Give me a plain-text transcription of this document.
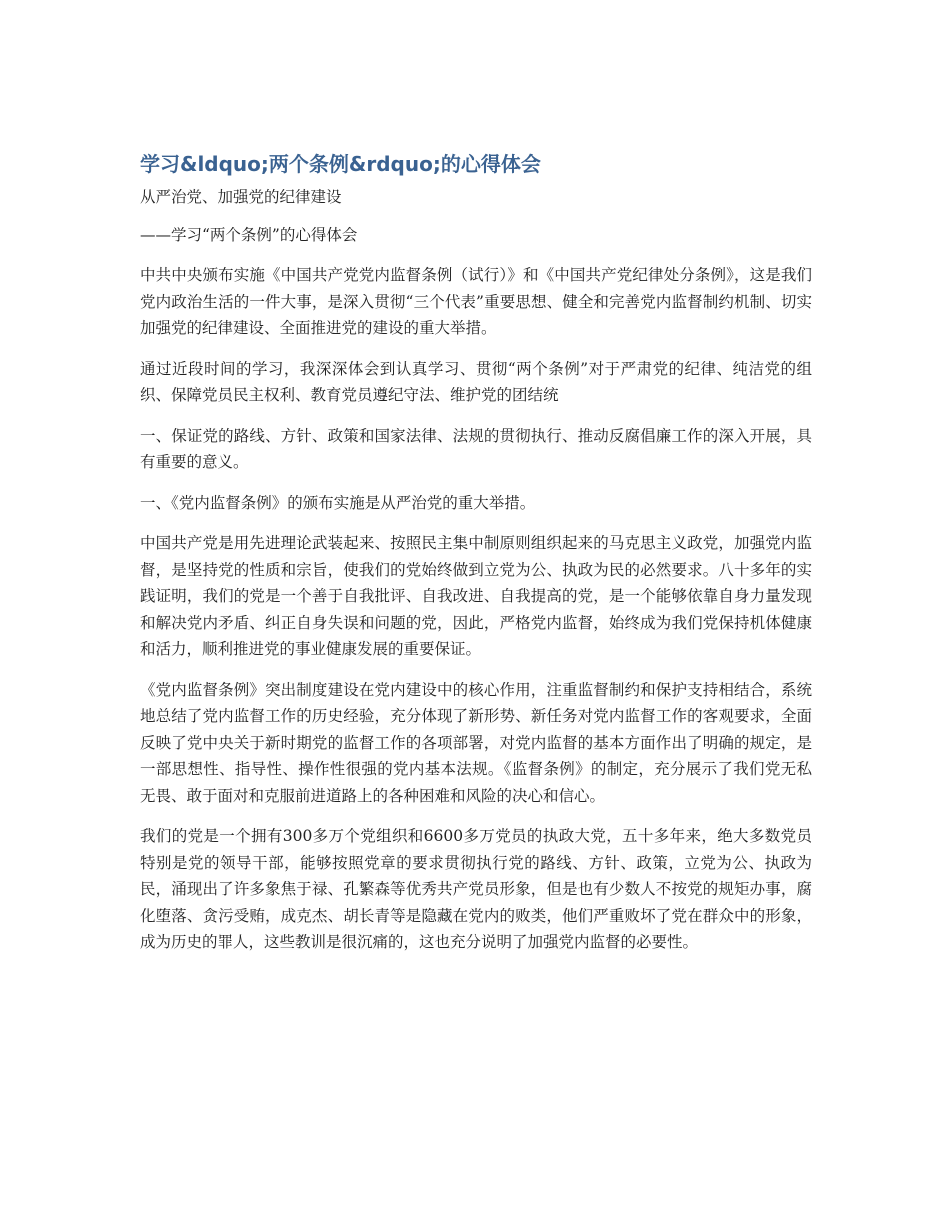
学习&ldquo;两个条例&rdquo;的心得体会

从严治党、加强党的纪律建设

——学习“两个条例”的心得体会

中共中央颁布实施《中国共产党党内监督条例（试行）》和《中国共产党纪律处分条例》，这是我们党内政治生活的一件大事，是深入贯彻“三个代表”重要思想、健全和完善党内监督制约机制、切实加强党的纪律建设、全面推进党的建设的重大举措。

通过近段时间的学习，我深深体会到认真学习、贯彻“两个条例”对于严肃党的纪律、纯洁党的组织、保障党员民主权利、教育党员遵纪守法、维护党的团结统

一、保证党的路线、方针、政策和国家法律、法规的贯彻执行、推动反腐倡廉工作的深入开展，具有重要的意义。

一、《党内监督条例》的颁布实施是从严治党的重大举措。

中国共产党是用先进理论武装起来、按照民主集中制原则组织起来的马克思主义政党，加强党内监督，是坚持党的性质和宗旨，使我们的党始终做到立党为公、执政为民的必然要求。八十多年的实践证明，我们的党是一个善于自我批评、自我改进、自我提高的党，是一个能够依靠自身力量发现和解决党内矛盾、纠正自身失误和问题的党，因此，严格党内监督，始终成为我们党保持机体健康和活力，顺利推进党的事业健康发展的重要保证。

《党内监督条例》突出制度建设在党内建设中的核心作用，注重监督制约和保护支持相结合，系统地总结了党内监督工作的历史经验，充分体现了新形势、新任务对党内监督工作的客观要求，全面反映了党中央关于新时期党的监督工作的各项部署，对党内监督的基本方面作出了明确的规定，是一部思想性、指导性、操作性很强的党内基本法规。《监督条例》的制定，充分展示了我们党无私无畏、敢于面对和克服前进道路上的各种困难和风险的决心和信心。

我们的党是一个拥有300多万个党组织和6600多万党员的执政大党，五十多年来，绝大多数党员特别是党的领导干部，能够按照党章的要求贯彻执行党的路线、方针、政策，立党为公、执政为民，涌现出了许多象焦于禄、孔繁森等优秀共产党员形象，但是也有少数人不按党的规矩办事，腐化堕落、贪污受贿，成克杰、胡长青等是隐藏在党内的败类，他们严重败坏了党在群众中的形象，成为历史的罪人，这些教训是很沉痛的，这也充分说明了加强党内监督的必要性。
